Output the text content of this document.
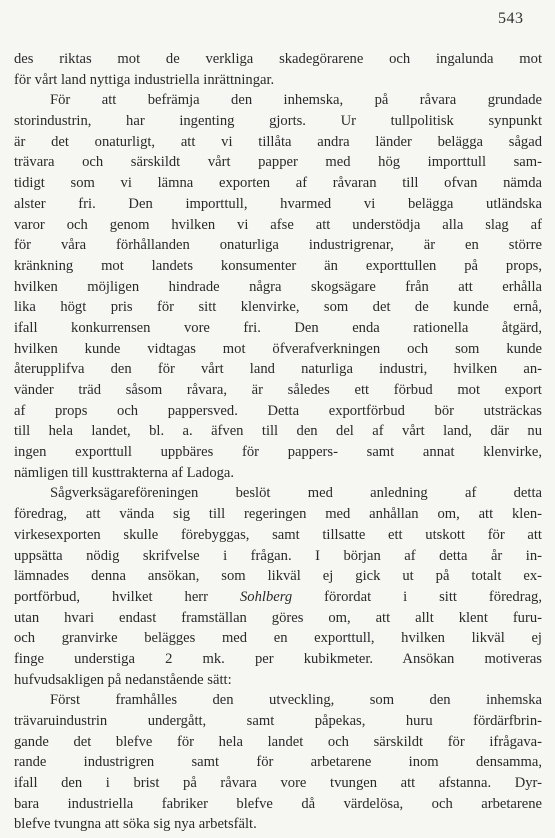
543
des riktas mot de verkliga skadegörarene och ingalunda mot
för vårt land nyttiga industriella inrättningar.
För att befrämja den inhemska, på råvara grundade
storindustrin, har ingenting gjorts. Ur tullpolitisk synpunkt
är det onaturligt, att vi tillåta andra länder belägga sågad
trävara och särskildt vårt papper med hög importtull sam-
tidigt som vi lämna exporten af råvaran till ofvan nämda
alster fri. Den importtull, hvarmed vi belägga utländska
varor och genom hvilken vi afse att understödja alla slag af
för våra förhållanden onaturliga industrigrenar, är en större
kränkning mot landets konsumenter än exporttullen på props,
hvilken möjligen hindrade några skogsägare från att erhålla
lika högt pris för sitt klenvirke, som det de kunde ernå,
ifall konkurrensen vore fri. Den enda rationella åtgärd,
hvilken kunde vidtagas mot öfverafverkningen och som kunde
återupplifva den för vårt land naturliga industri, hvilken an-
vänder träd såsom råvara, är således ett förbud mot export
af props och pappersved. Detta exportförbud bör utsträckas
till hela landet, bl. a. äfven till den del af vårt land, där nu
ingen exporttull uppbäres för pappers- samt annat klenvirke,
nämligen till kusttrakterna af Ladoga.
Sågverksägareföreningen beslöt med anledning af detta
föredrag, att vända sig till regeringen med anhållan om, att klen-
virkesexporten skulle förebyggas, samt tillsatte ett utskott för att
uppsätta nödig skrifvelse i frågan. I början af detta år in-
lämnades denna ansökan, som likväl ej gick ut på totalt ex-
portförbud, hvilket herr Sohlberg förordat i sitt föredrag,
utan hvari endast framställan göres om, att allt klent furu-
och granvirke belägges med en exporttull, hvilken likväl ej
finge understiga 2 mk. per kubikmeter. Ansökan motiveras
hufvudsakligen på nedanstående sätt:
Först framhålles den utveckling, som den inhemska
trävaruindustrin undergått, samt påpekas, huru fördärfbrin-
gande det blefve för hela landet och särskildt för ifrågava-
rande industrigren samt för arbetarene inom densamma,
ifall den i brist på råvara vore tvungen att afstanna. Dyr-
bara industriella fabriker blefve då värdelösa, och arbetarene
blefve tvungna att söka sig nya arbetsfält.
